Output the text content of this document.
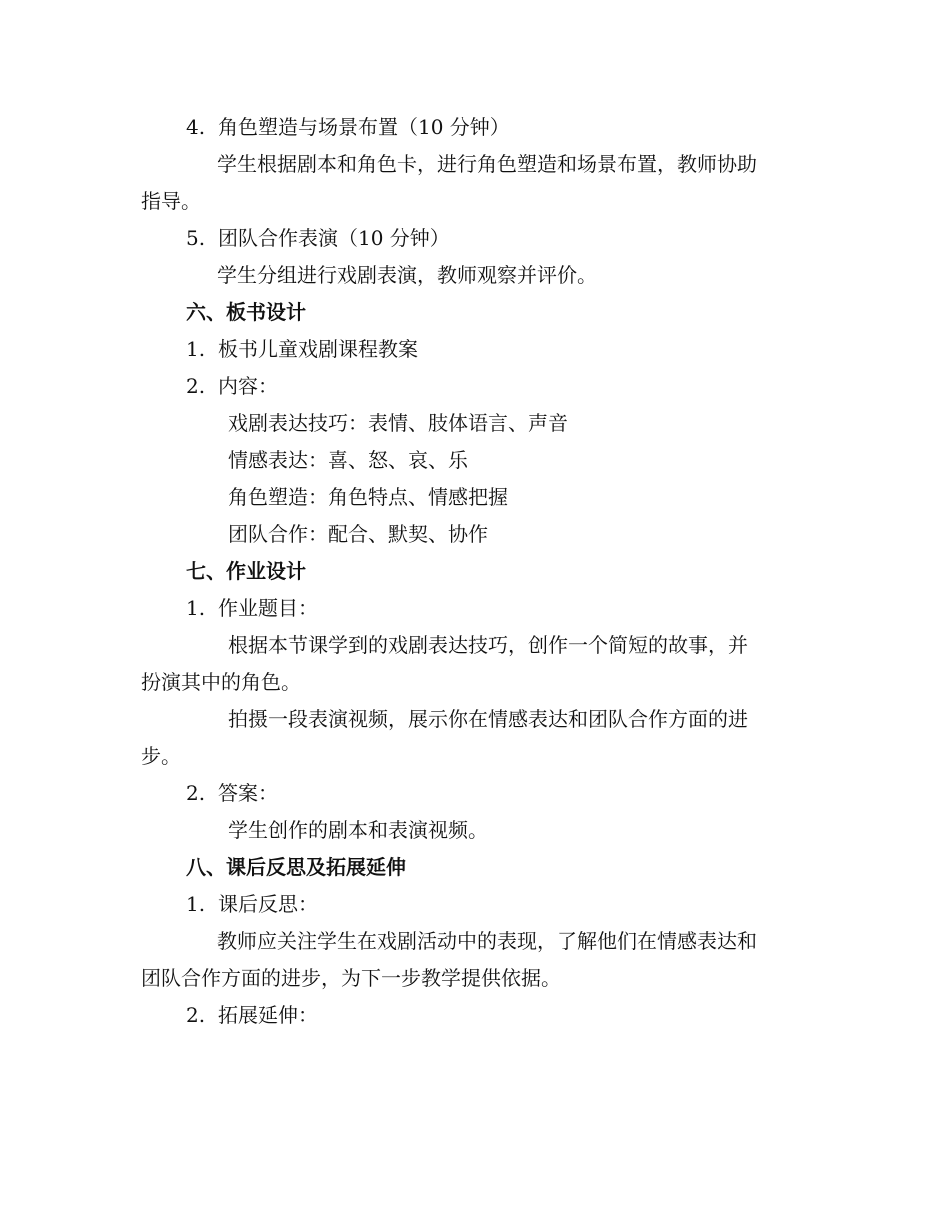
4. 角色塑造与场景布置（10 分钟）
学生根据剧本和角色卡，进行角色塑造和场景布置，教师协助
指导。
5. 团队合作表演（10 分钟）
学生分组进行戏剧表演，教师观察并评价。
六、板书设计
1. 板书儿童戏剧课程教案
2. 内容：
戏剧表达技巧：表情、肢体语言、声音
情感表达：喜、怒、哀、乐
角色塑造：角色特点、情感把握
团队合作：配合、默契、协作
七、作业设计
1. 作业题目：
根据本节课学到的戏剧表达技巧，创作一个简短的故事，并
扮演其中的角色。
拍摄一段表演视频，展示你在情感表达和团队合作方面的进
步。
2. 答案：
学生创作的剧本和表演视频。
八、课后反思及拓展延伸
1. 课后反思：
教师应关注学生在戏剧活动中的表现，了解他们在情感表达和
团队合作方面的进步，为下一步教学提供依据。
2. 拓展延伸：
